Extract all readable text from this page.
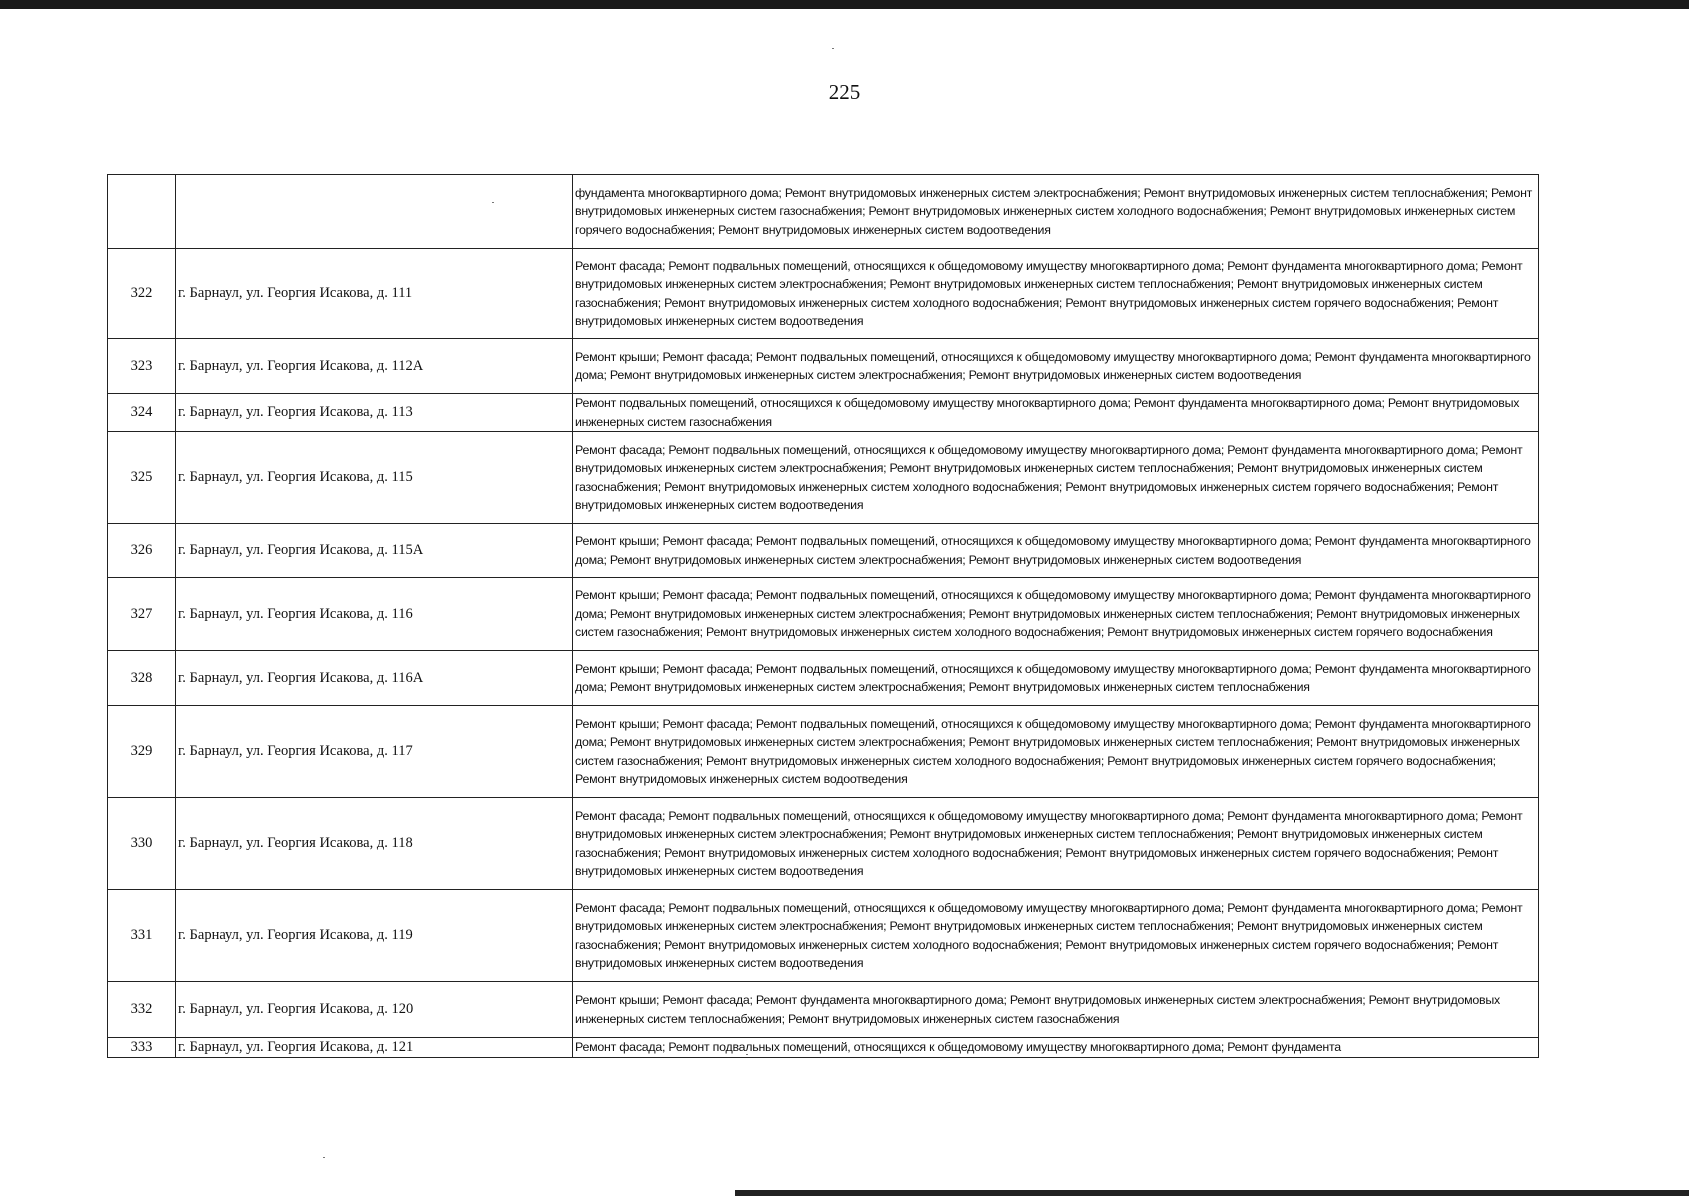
225
		фундамента многоквартирного дома; Ремонт внутридомовых инженерных систем электроснабжения; Ремонт внутридомовых инженерных систем теплоснабжения; Ремонт внутридомовых инженерных систем газоснабжения; Ремонт внутридомовых инженерных систем холодного водоснабжения; Ремонт внутридомовых инженерных систем горячего водоснабжения; Ремонт внутридомовых инженерных систем водоотведения
322	г. Барнаул, ул. Георгия Исакова, д. 111	Ремонт фасада; Ремонт подвальных помещений, относящихся к общедомовому имуществу многоквартирного дома; Ремонт фундамента многоквартирного дома; Ремонт внутридомовых инженерных систем электроснабжения; Ремонт внутридомовых инженерных систем теплоснабжения; Ремонт внутридомовых инженерных систем газоснабжения; Ремонт внутридомовых инженерных систем холодного водоснабжения; Ремонт внутридомовых инженерных систем горячего водоснабжения; Ремонт внутридомовых инженерных систем водоотведения
323	г. Барнаул, ул. Георгия Исакова, д. 112А	Ремонт крыши; Ремонт фасада; Ремонт подвальных помещений, относящихся к общедомовому имуществу многоквартирного дома; Ремонт фундамента многоквартирного дома; Ремонт внутридомовых инженерных систем электроснабжения; Ремонт внутридомовых инженерных систем водоотведения
324	г. Барнаул, ул. Георгия Исакова, д. 113	Ремонт подвальных помещений, относящихся к общедомовому имуществу многоквартирного дома; Ремонт фундамента многоквартирного дома; Ремонт внутридомовых инженерных систем газоснабжения
325	г. Барнаул, ул. Георгия Исакова, д. 115	Ремонт фасада; Ремонт подвальных помещений, относящихся к общедомовому имуществу многоквартирного дома; Ремонт фундамента многоквартирного дома; Ремонт внутридомовых инженерных систем электроснабжения; Ремонт внутридомовых инженерных систем теплоснабжения; Ремонт внутридомовых инженерных систем газоснабжения; Ремонт внутридомовых инженерных систем холодного водоснабжения; Ремонт внутридомовых инженерных систем горячего водоснабжения; Ремонт внутридомовых инженерных систем водоотведения
326	г. Барнаул, ул. Георгия Исакова, д. 115А	Ремонт крыши; Ремонт фасада; Ремонт подвальных помещений, относящихся к общедомовому имуществу многоквартирного дома; Ремонт фундамента многоквартирного дома; Ремонт внутридомовых инженерных систем электроснабжения; Ремонт внутридомовых инженерных систем водоотведения
327	г. Барнаул, ул. Георгия Исакова, д. 116	Ремонт крыши; Ремонт фасада; Ремонт подвальных помещений, относящихся к общедомовому имуществу многоквартирного дома; Ремонт фундамента многоквартирного дома; Ремонт внутридомовых инженерных систем электроснабжения; Ремонт внутридомовых инженерных систем теплоснабжения; Ремонт внутридомовых инженерных систем газоснабжения; Ремонт внутридомовых инженерных систем холодного водоснабжения; Ремонт внутридомовых инженерных систем горячего водоснабжения
328	г. Барнаул, ул. Георгия Исакова, д. 116А	Ремонт крыши; Ремонт фасада; Ремонт подвальных помещений, относящихся к общедомовому имуществу многоквартирного дома; Ремонт фундамента многоквартирного дома; Ремонт внутридомовых инженерных систем электроснабжения; Ремонт внутридомовых инженерных систем теплоснабжения
329	г. Барнаул, ул. Георгия Исакова, д. 117	Ремонт крыши; Ремонт фасада; Ремонт подвальных помещений, относящихся к общедомовому имуществу многоквартирного дома; Ремонт фундамента многоквартирного дома; Ремонт внутридомовых инженерных систем электроснабжения; Ремонт внутридомовых инженерных систем теплоснабжения; Ремонт внутридомовых инженерных систем газоснабжения; Ремонт внутридомовых инженерных систем холодного водоснабжения; Ремонт внутридомовых инженерных систем горячего водоснабжения; Ремонт внутридомовых инженерных систем водоотведения
330	г. Барнаул, ул. Георгия Исакова, д. 118	Ремонт фасада; Ремонт подвальных помещений, относящихся к общедомовому имуществу многоквартирного дома; Ремонт фундамента многоквартирного дома; Ремонт внутридомовых инженерных систем электроснабжения; Ремонт внутридомовых инженерных систем теплоснабжения; Ремонт внутридомовых инженерных систем газоснабжения; Ремонт внутридомовых инженерных систем холодного водоснабжения; Ремонт внутридомовых инженерных систем горячего водоснабжения; Ремонт внутридомовых инженерных систем водоотведения
331	г. Барнаул, ул. Георгия Исакова, д. 119	Ремонт фасада; Ремонт подвальных помещений, относящихся к общедомовому имуществу многоквартирного дома; Ремонт фундамента многоквартирного дома; Ремонт внутридомовых инженерных систем электроснабжения; Ремонт внутридомовых инженерных систем теплоснабжения; Ремонт внутридомовых инженерных систем газоснабжения; Ремонт внутридомовых инженерных систем холодного водоснабжения; Ремонт внутридомовых инженерных систем горячего водоснабжения; Ремонт внутридомовых инженерных систем водоотведения
332	г. Барнаул, ул. Георгия Исакова, д. 120	Ремонт крыши; Ремонт фасада; Ремонт фундамента многоквартирного дома; Ремонт внутридомовых инженерных систем электроснабжения; Ремонт внутридомовых инженерных систем теплоснабжения; Ремонт внутридомовых инженерных систем газоснабжения
333	г. Барнаул, ул. Георгия Исакова, д. 121	Ремонт фасада; Ремонт подвальных помещений, относящихся к общедомовому имуществу многоквартирного дома; Ремонт фундамента
